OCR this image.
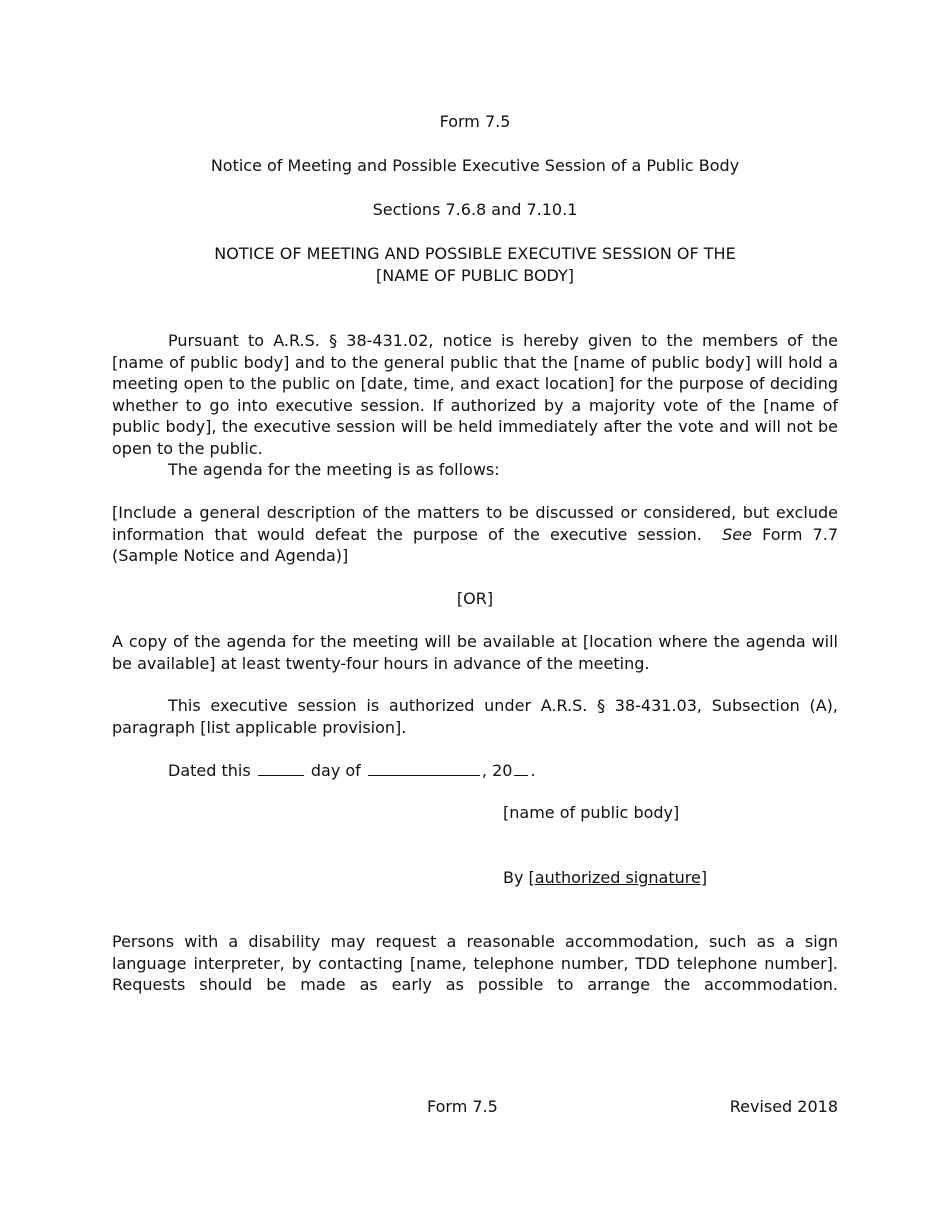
Form 7.5
Notice of Meeting and Possible Executive Session of a Public Body
Sections 7.6.8 and 7.10.1
NOTICE OF MEETING AND POSSIBLE EXECUTIVE SESSION OF THE
[NAME OF PUBLIC BODY]
Pursuant to A.R.S. § 38-431.02, notice is hereby given to the members of the [name of public body] and to the general public that the [name of public body] will hold a meeting open to the public on [date, time, and exact location] for the purpose of deciding whether to go into executive session. If authorized by a majority vote of the [name of public body], the executive session will be held immediately after the vote and will not be open to the public.
The agenda for the meeting is as follows:
[Include a general description of the matters to be discussed or considered, but exclude information that would defeat the purpose of the executive session. See Form 7.7 (Sample Notice and Agenda)]
[OR]
A copy of the agenda for the meeting will be available at [location where the agenda will be available] at least twenty-four hours in advance of the meeting.
This executive session is authorized under A.R.S. § 38-431.03, Subsection (A), paragraph [list applicable provision].
Dated this	day of	, 20 .
[name of public body]
By [authorized signature]
Persons with a disability may request a reasonable accommodation, such as a sign language interpreter, by contacting [name, telephone number, TDD telephone number]. Requests should be made as early as possible to arrange the accommodation.
Form 7.5	Revised 2018
